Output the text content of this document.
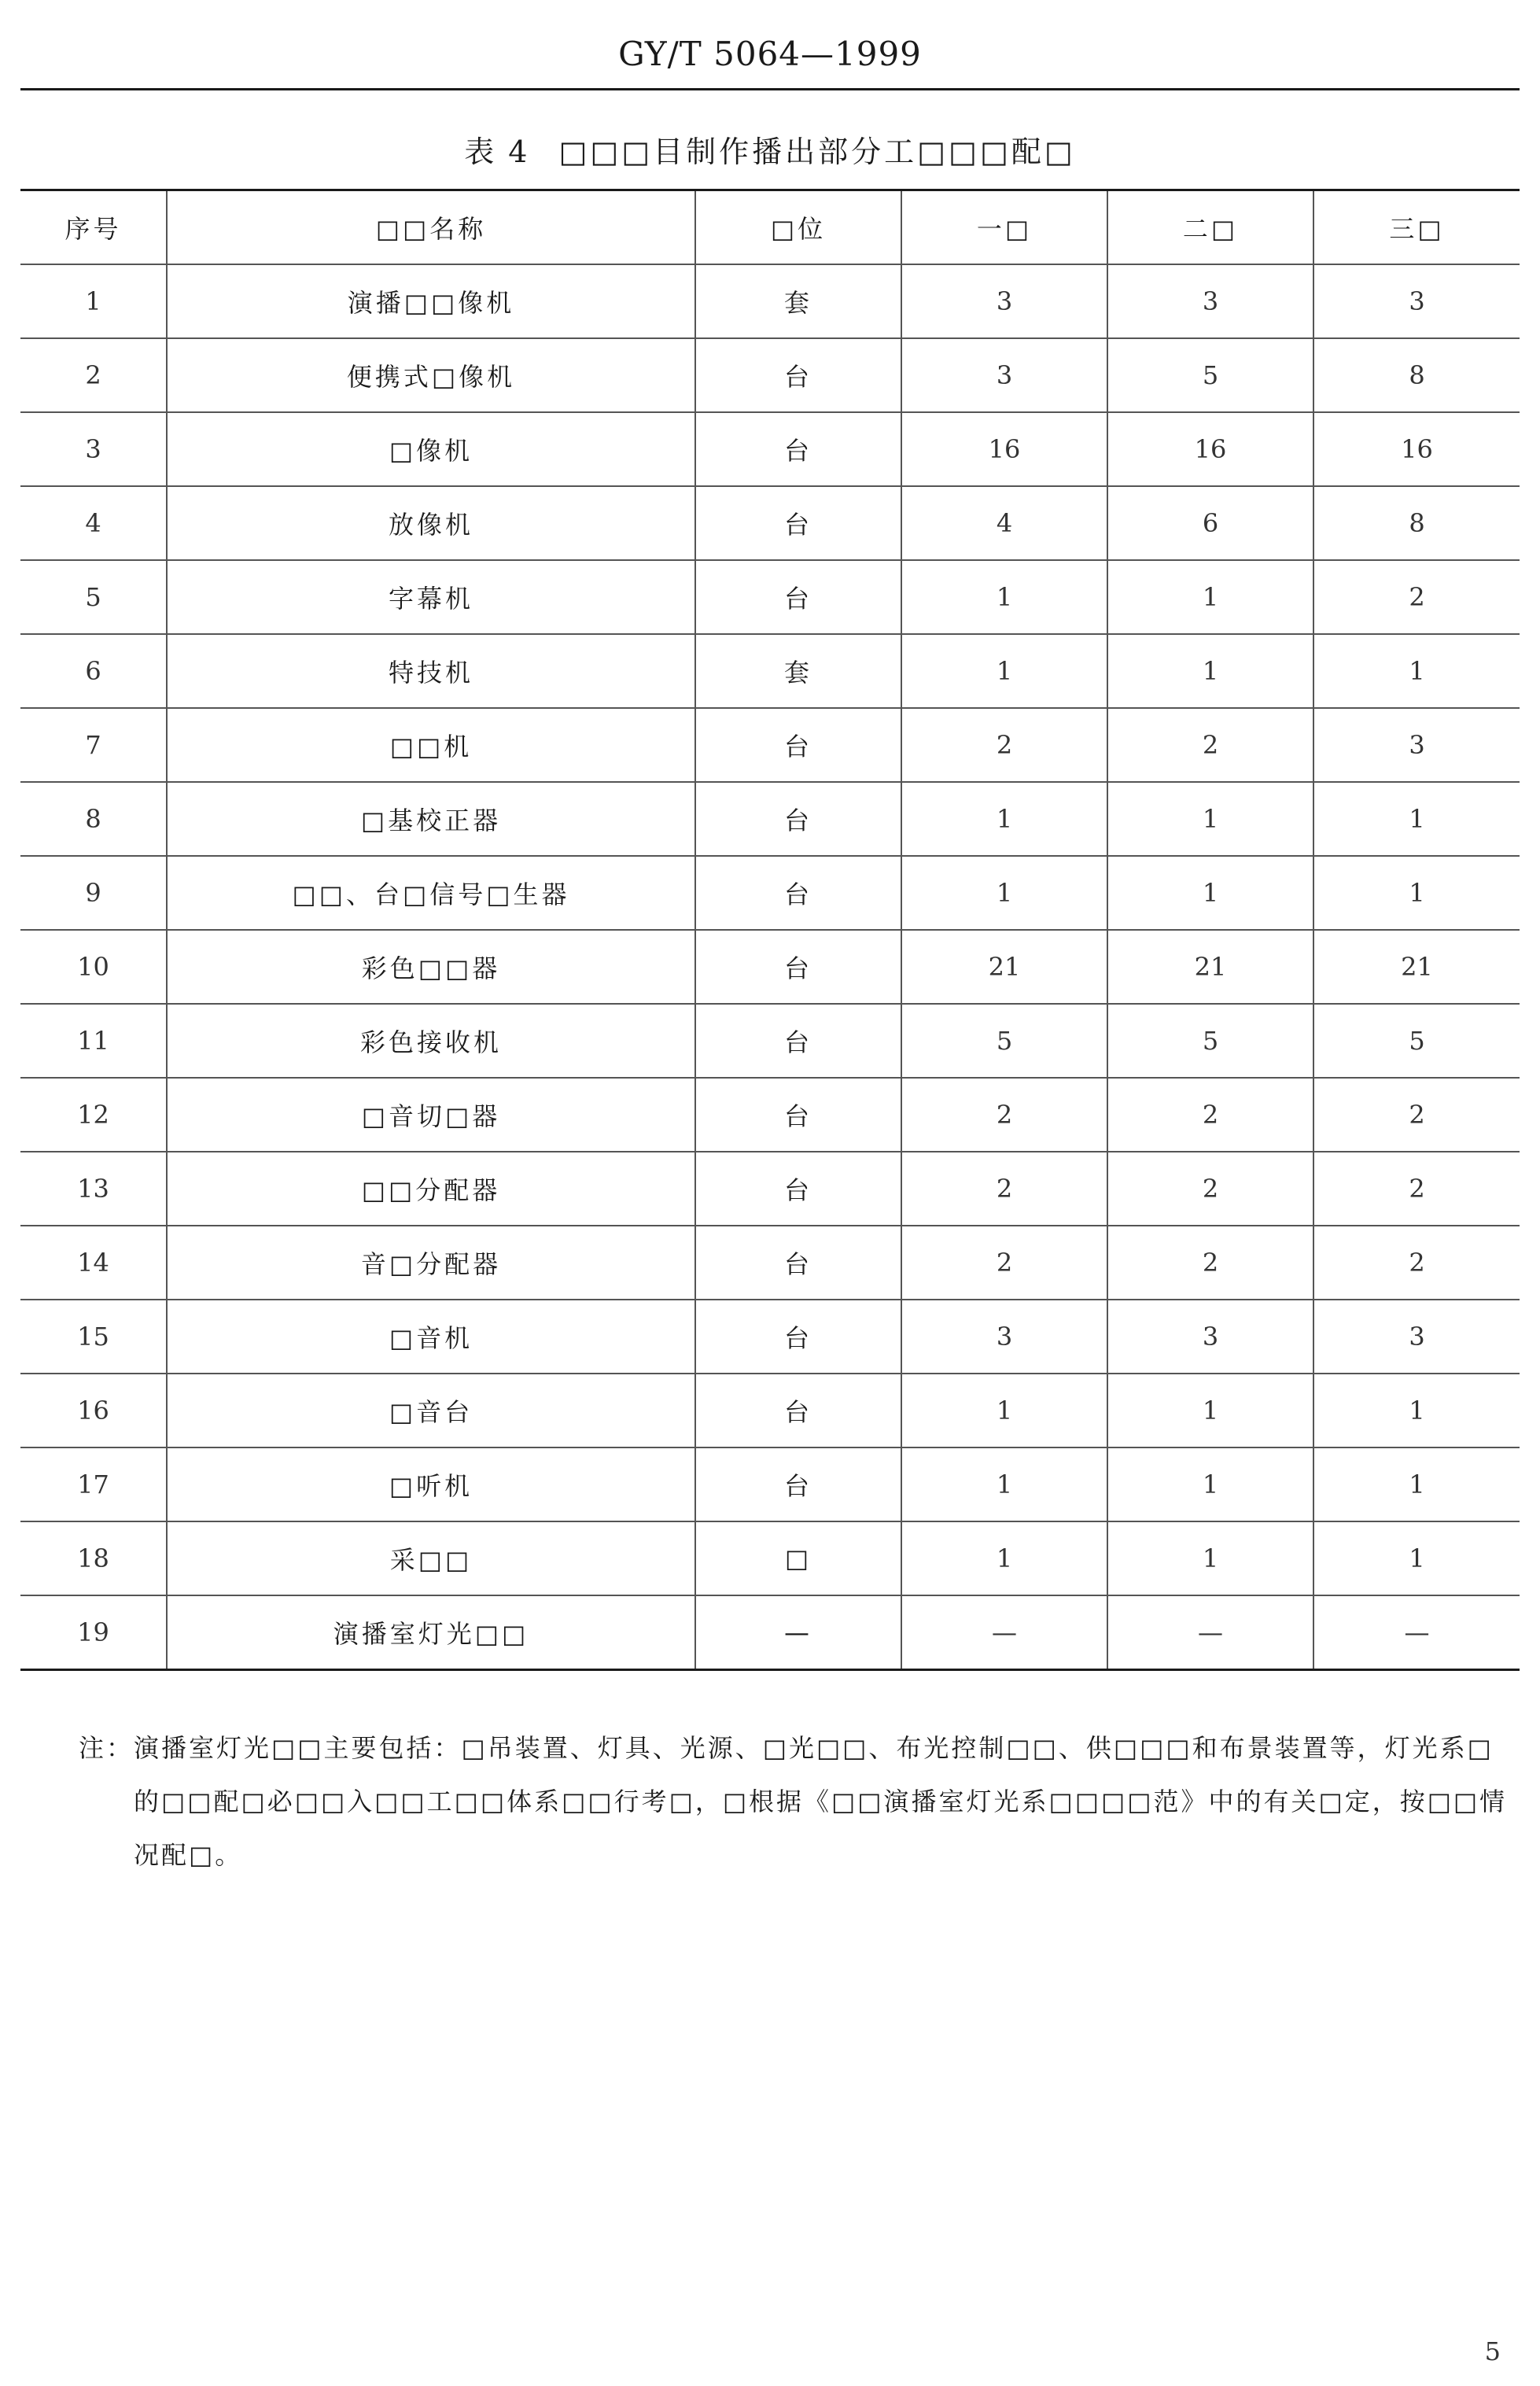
GY/T 5064—1999
表 4 □□□目制作播出部分工□□□配□
序号	□□名称	□位	一□	二□	三□
1	演播□□像机	套	3	3	3
2	便携式□像机	台	3	5	8
3	□像机	台	16	16	16
4	放像机	台	4	6	8
5	字幕机	台	1	1	2
6	特技机	套	1	1	1
7	□□机	台	2	2	3
8	□基校正器	台	1	1	1
9	□□、台□信号□生器	台	1	1	1
10	彩色□□器	台	21	21	21
11	彩色接收机	台	5	5	5
12	□音切□器	台	2	2	2
13	□□分配器	台	2	2	2
14	音□分配器	台	2	2	2
15	□音机	台	3	3	3
16	□音台	台	1	1	1
17	□听机	台	1	1	1
18	采□□	□	1	1	1
19	演播室灯光□□	—	—	—	—
注： 演播室灯光□□主要包括：□吊装置、灯具、光源、□光□□、布光控制□□、供□□□和布景装置等，灯光系□的□□配□必□□入□□工□□体系□□行考□，□根据《□□演播室灯光系□□□□范》中的有关□定，按□□情况配□。
5
